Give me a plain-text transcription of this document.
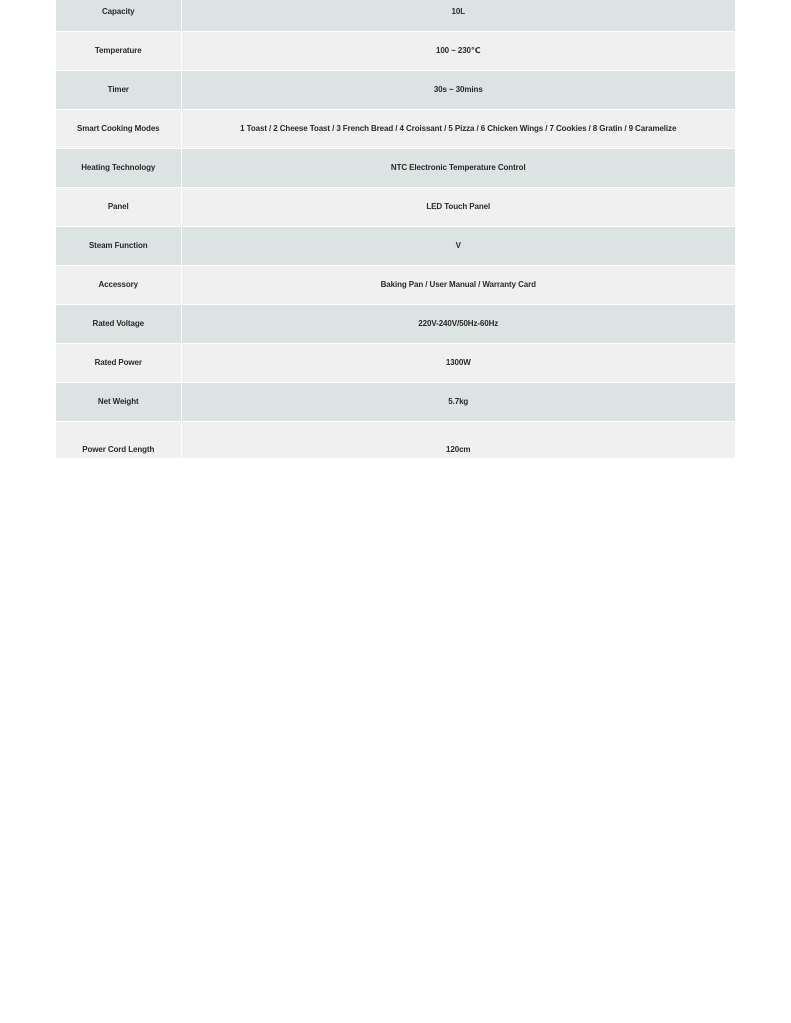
Capacity	10L
Temperature	100 ~ 230℃
Timer	30s ~ 30mins
Smart Cooking Modes	1 Toast / 2 Cheese Toast / 3 French Bread / 4 Croissant / 5 Pizza / 6 Chicken Wings / 7 Cookies / 8 Gratin / 9 Caramelize
Heating Technology	NTC Electronic Temperature Control
Panel	LED Touch Panel
Steam Function	V
Accessory	Baking Pan / User Manual / Warranty Card
Rated Voltage	220V-240V/50Hz-60Hz
Rated Power	1300W
Net Weight	5.7kg
Power Cord Length	120cm
